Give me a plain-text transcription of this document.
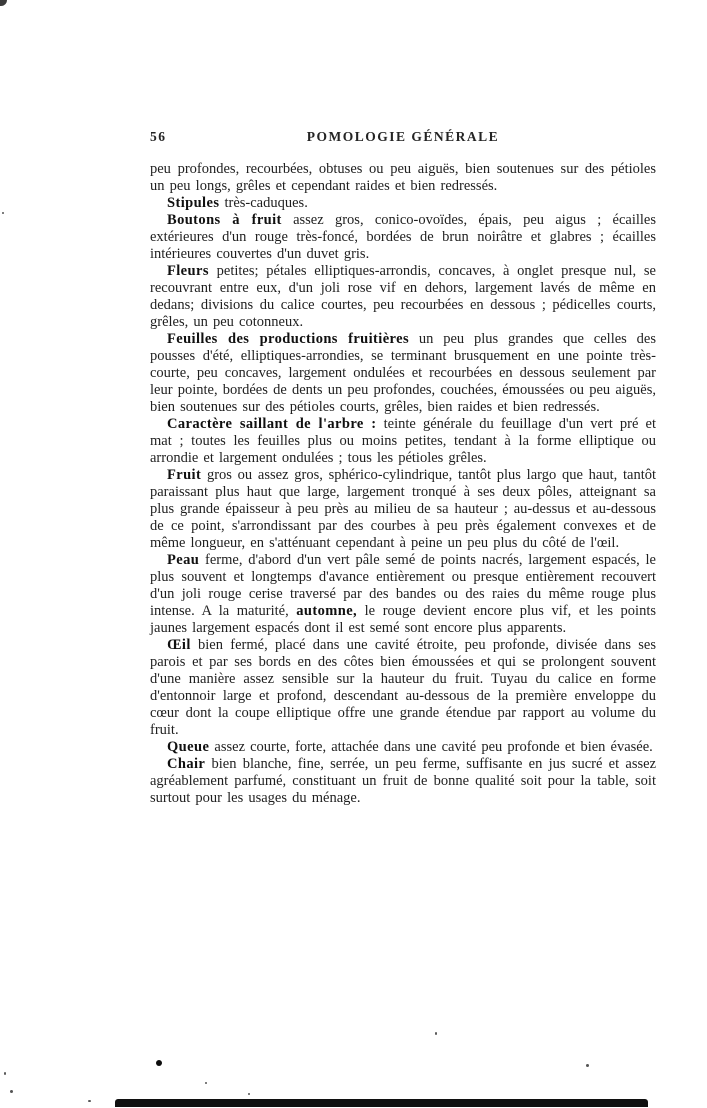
56	POMOLOGIE GÉNÉRALE

peu profondes, recourbées, obtuses ou peu aiguës, bien soutenues sur des pétioles un peu longs, grêles et cependant raides et bien redressés.

Stipules très-caduques.

Boutons à fruit assez gros, conico-ovoïdes, épais, peu aigus ; écailles extérieures d'un rouge très-foncé, bordées de brun noirâtre et glabres ; écailles intérieures couvertes d'un duvet gris.

Fleurs petites; pétales elliptiques-arrondis, concaves, à onglet presque nul, se recouvrant entre eux, d'un joli rose vif en dehors, largement lavés de même en dedans; divisions du calice courtes, peu recourbées en dessous ; pédicelles courts, grêles, un peu cotonneux.

Feuilles des productions fruitières un peu plus grandes que celles des pousses d'été, elliptiques-arrondies, se terminant brusquement en une pointe très-courte, peu concaves, largement ondulées et recourbées en dessous seulement par leur pointe, bordées de dents un peu profondes, couchées, émoussées ou peu aiguës, bien soutenues sur des pétioles courts, grêles, bien raides et bien redressés.

Caractère saillant de l'arbre : teinte générale du feuillage d'un vert pré et mat ; toutes les feuilles plus ou moins petites, tendant à la forme elliptique ou arrondie et largement ondulées ; tous les pétioles grêles.

Fruit gros ou assez gros, sphérico-cylindrique, tantôt plus largo que haut, tantôt paraissant plus haut que large, largement tronqué à ses deux pôles, atteignant sa plus grande épaisseur à peu près au milieu de sa hauteur ; au-dessus et au-dessous de ce point, s'arrondissant par des courbes à peu près également convexes et de même longueur, en s'atténuant cependant à peine un peu plus du côté de l'œil.

Peau ferme, d'abord d'un vert pâle semé de points nacrés, largement espacés, le plus souvent et longtemps d'avance entièrement ou presque entièrement recouvert d'un joli rouge cerise traversé par des bandes ou des raies du même rouge plus intense. A la maturité, automne, le rouge devient encore plus vif, et les points jaunes largement espacés dont il est semé sont encore plus apparents.

Œil bien fermé, placé dans une cavité étroite, peu profonde, divisée dans ses parois et par ses bords en des côtes bien émoussées et qui se prolongent souvent d'une manière assez sensible sur la hauteur du fruit. Tuyau du calice en forme d'entonnoir large et profond, descendant au-dessous de la première enveloppe du cœur dont la coupe elliptique offre une grande étendue par rapport au volume du fruit.

Queue assez courte, forte, attachée dans une cavité peu profonde et bien évasée.

Chair bien blanche, fine, serrée, un peu ferme, suffisante en jus sucré et assez agréablement parfumé, constituant un fruit de bonne qualité soit pour la table, soit surtout pour les usages du ménage.
